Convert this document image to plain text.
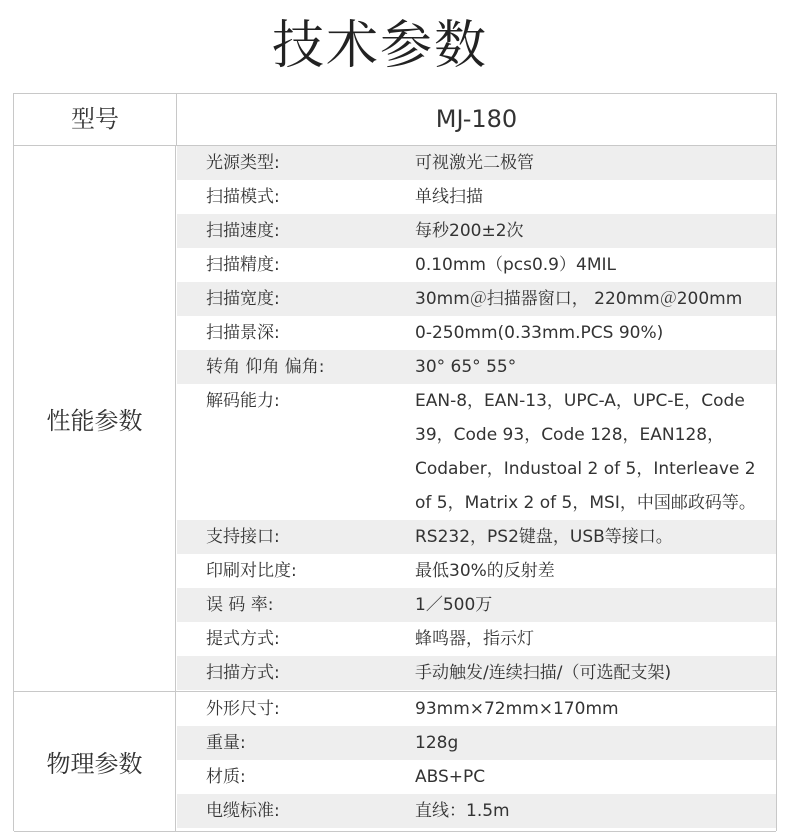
技术参数
型号	MJ-180
性能参数
光源类型:	可视激光二极管
扫描模式:	单线扫描
扫描速度:	每秒200±2次
扫描精度:	0.10mm（pcs0.9）4MIL
扫描宽度:	30mm＠扫描器窗口， 220mm＠200mm
扫描景深:	0-250mm(0.33mm.PCS 90%)
转角 仰角 偏角:	30° 65° 55°
解码能力:	EAN-8，EAN-13，UPC-A，UPC-E，Code 39，Code 93，Code 128，EAN128，Codaber，Industoal 2 of 5，Interleave 2 of 5，Matrix 2 of 5，MSI，中国邮政码等。
支持接口:	RS232，PS2键盘，USB等接口。
印刷对比度:	最低30%的反射差
误 码 率:	1／500万
提式方式:	蜂鸣器，指示灯
扫描方式:	手动触发/连续扫描/（可选配支架)
物理参数
外形尺寸:	93mm×72mm×170mm
重量:	128g
材质:	ABS+PC
电缆标准:	直线：1.5m
